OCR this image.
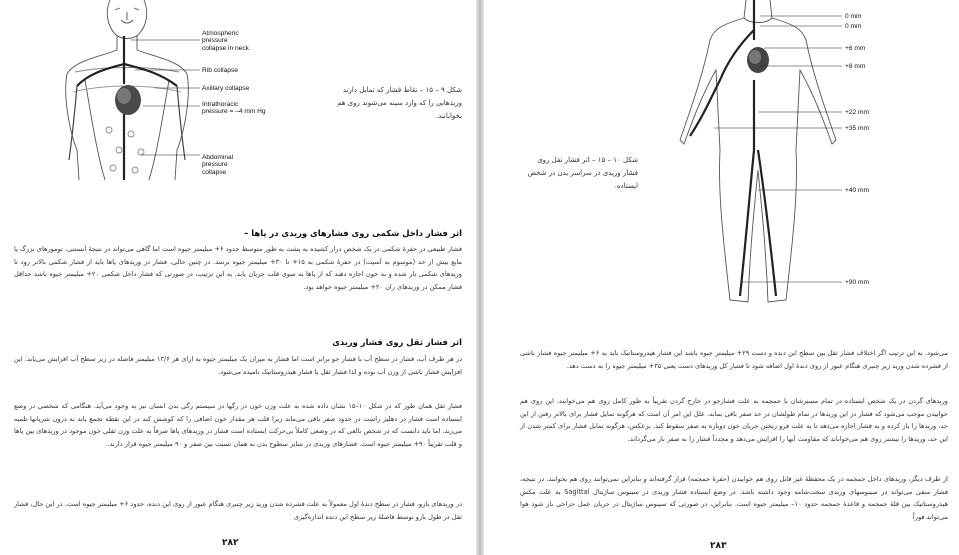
Atmospheric
pressure
collapse in neck
Rib collapse
Axillary collapse
Intrathoracic
pressure = –4 mm Hg
Abdominal
pressure
collapse
شکل ۹ – ۱۵ – نقاط فشار که تمایل دارند وریدهایی را که وارد سینه می‌شوند روی هم بخوابانند.
اثر فشار داخل شکمی روی فشارهای وریدی در پاها –
فشار طبیعی در حفرهٔ شکمی در یک شخص دراز کشیده به پشت به طور متوسط حدود ۶+ میلیمتر جیوه است اما گاهی می‌تواند در نتیجهٔ آبستنی، تومورهای بزرگ یا مایع بیش از حد (موسوم به آسیت) در حفرهٔ شکمی به ۱۵+ تا ۳۰+ میلیمتر جیوه برسد. در چنین حالی، فشار در وریدهای پاها باید از فشار شکمی بالاتر رود تا وریدهای شکمی باز شده و به خون اجازه دهند که از پاها به سوی قلب جریان یابد. به این ترتیب، در صورتی که فشار داخل شکمی ۲۰+ میلیمتر جیوه باشد حداقل فشار ممکن در وریدهای ران ۲۰+ میلیمتر جیوه خواهد بود.
اثر فشار ثقل روی فشار وریدی
در هر ظرف آب، فشار در سطح آب با فشار جو برابر است اما فشار به میزان یک میلیمتر جیوه به ازای هر ۱۳/۶ میلیمتر فاصله در زیر سطح آب افزایش می‌یابد. این افزایش فشار ناشی از وزن آب بوده و لذا فشار ثقل یا فشار هیدروستاتیک نامیده می‌شود.
فشار ثقل همان طور که در شکل ۱۰–۱۵ نشان داده شده به علت وزن خون در رگها در سیستم رگی بدن انسان نیز به وجود می‌آید. هنگامی که شخصی در وضع ایستاده است فشار در دهلیز راست در حدود صفر باقی می‌ماند زیرا قلب هر مقدار خون اضافی را که کوشش کند در این نقطه تجمع یابد به درون شریانها تلمبه می‌زند. اما باید دانست که در شخص بالغی که در وضعی کاملاً بی‌حرکت ایستاده است فشار در وریدهای پاها صرفاً به علت وزن ثقلی خون موجود در وریدهای بین پاها و قلب تقریباً ۹۰+ میلیمتر جیوه است. فشارهای وریدی در سایر سطوح بدن به همان نسبت بین صفر و ۹۰ میلیمتر جیوه قرار دارند.
در وریدهای بازو، فشار در سطح دندهٔ اول معمولاً به علت فشرده شدن ورید زیر چنبری هنگام عبور از روی این دنده، حدود ۶+ میلیمتر جیوه است. در این حال، فشار ثقل در طول بازو توسط فاصلهٔ زیر سطح این دنده اندازه‌گیری
۲۸۲
0 mm
0 mm
+6 mm
+8 mm
+22 mm
+35 mm
+40 mm
+90 mm
شکل ۱۰ – ۱۵ – اثر فشار ثقل روی فشار وریدی در سراسر بدن در شخص ایستاده.
می‌شود. به این ترتیب اگر اختلاف فشار ثقل بین سطح این دنده و دست ۲۹+ میلیمتر جیوه باشد این فشار هیدروستاتیک باید به ۶+ میلیمتر جیوه فشار ناشی از فشرده شدن ورید زیر چنبری هنگام عبور از روی دندهٔ اول اضافه شود تا فشار کل وریدهای دست یعنی ۳۵+ میلیمتر جیوه را به دست دهد.
وریدهای گردن در یک شخص ایستاده در تمام مسیرشان با جمجمه به علت فشارجو در خارج گردن تقریباً به طور کامل روی هم می‌خوابند. این روی هم خوابیدن موجب می‌شود که فشار در این وریدها در تمام طولشان در حد صفر باقی بماند. علل این امر آن است که هرگونه تمایل فشار برای بالاتر رفتن از این حد، وریدها را باز کرده و به فشار اجازه می‌دهد تا به علت فرو ریختن جریان خون دوباره به صفر سقوط کند. برعکس، هرگونه تمایل فشار برای کمتر شدن از این حد، وریدها را بیشتر روی هم می‌خواباند که مقاومت آنها را افزایش می‌دهد و مجدداً فشار را به صفر باز می‌گرداند.
از طرف دیگر، وریدهای داخل جمجمه در یک محفظهٔ غیر قابل روی هم خوابیدن (حفرهٔ جمجمه) قرار گرفته‌اند و بنابراین نمی‌توانند روی هم بخوابند. در نتیجه، فشار منفی می‌تواند در سینوسهای وریدی سخت‌شامه وجود داشته باشد. در وضع ایستاده فشار وریدی در سینوس ساژیتال Sagittal به علت مکش هیدروستاتیک بین قلهٔ جمجمه و قاعدهٔ جمجمه حدود ۱۰– میلیمتر جیوه است. بنابراین، در صورتی که سینوس ساژیتال در جریان عمل جراحی باز شود هوا می‌تواند فوراً
۲۸۳
